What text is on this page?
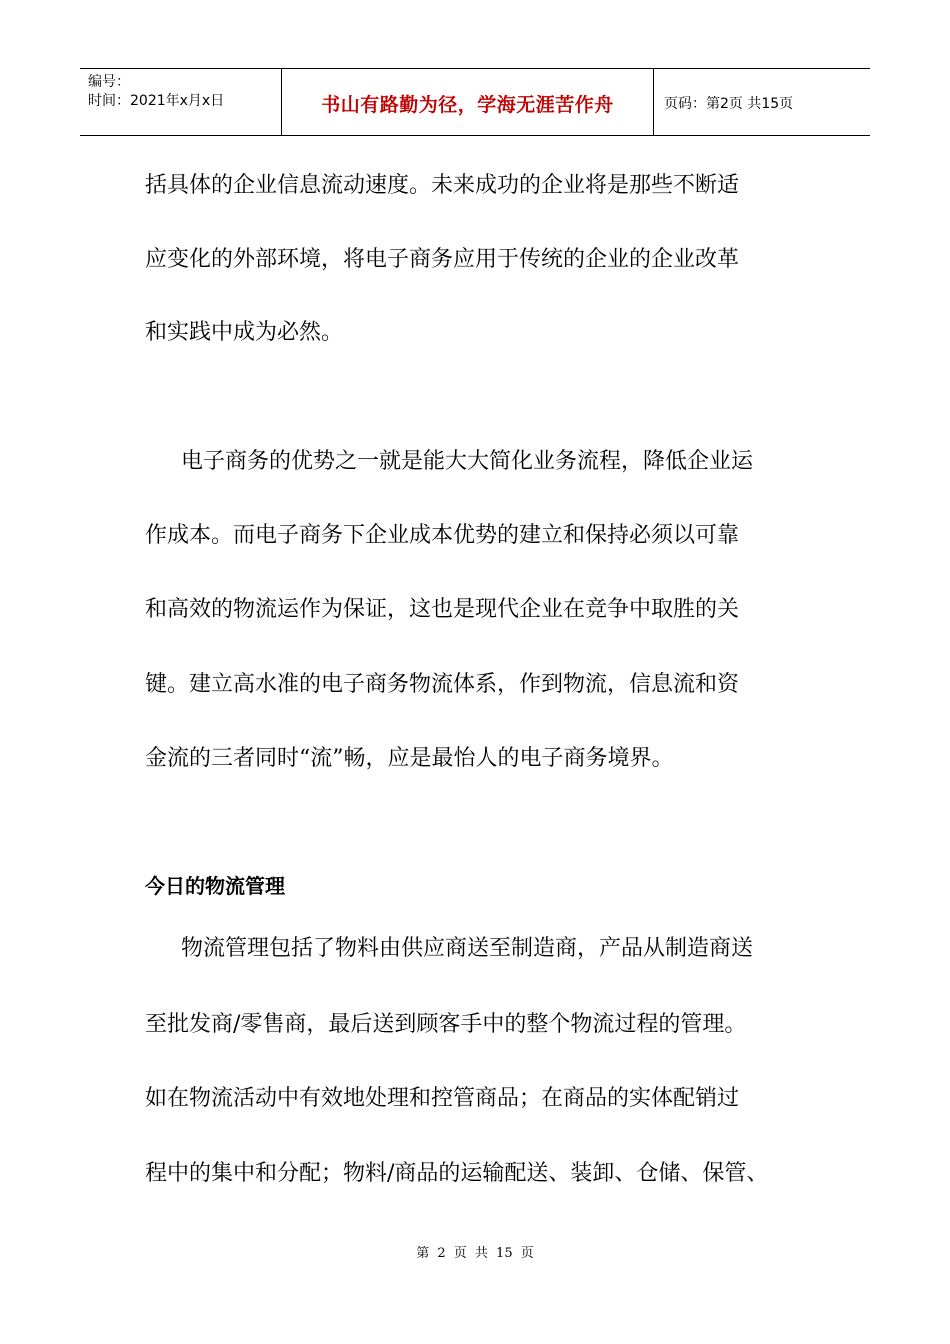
编号：
时间：2021年x月x日	书山有路勤为径，学海无涯苦作舟	页码：第2页 共15页
括具体的企业信息流动速度。未来成功的企业将是那些不断适
应变化的外部环境，将电子商务应用于传统的企业的企业改革
和实践中成为必然。
电子商务的优势之一就是能大大简化业务流程，降低企业运
作成本。而电子商务下企业成本优势的建立和保持必须以可靠
和高效的物流运作为保证，这也是现代企业在竞争中取胜的关
键。建立高水准的电子商务物流体系，作到物流，信息流和资
金流的三者同时“流”畅，应是最怡人的电子商务境界。
今日的物流管理
物流管理包括了物料由供应商送至制造商，产品从制造商送
至批发商/零售商，最后送到顾客手中的整个物流过程的管理。
如在物流活动中有效地处理和控管商品；在商品的实体配销过
程中的集中和分配；物料/商品的运输配送、装卸、仓储、保管、
第 2 页 共 15 页
